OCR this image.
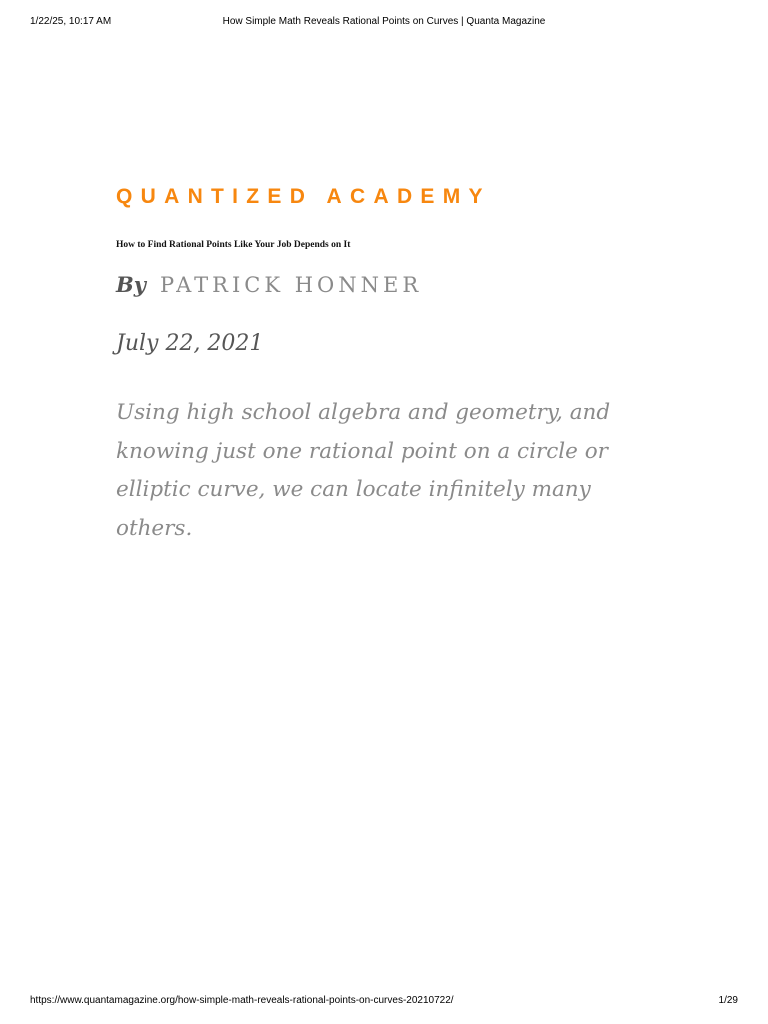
1/22/25, 10:17 AM	How Simple Math Reveals Rational Points on Curves | Quanta Magazine
QUANTIZED ACADEMY
How to Find Rational Points Like Your Job Depends on It
By PATRICK HONNER
July 22, 2021
Using high school algebra and geometry, and knowing just one rational point on a circle or elliptic curve, we can locate infinitely many others.
https://www.quantamagazine.org/how-simple-math-reveals-rational-points-on-curves-20210722/	1/29
